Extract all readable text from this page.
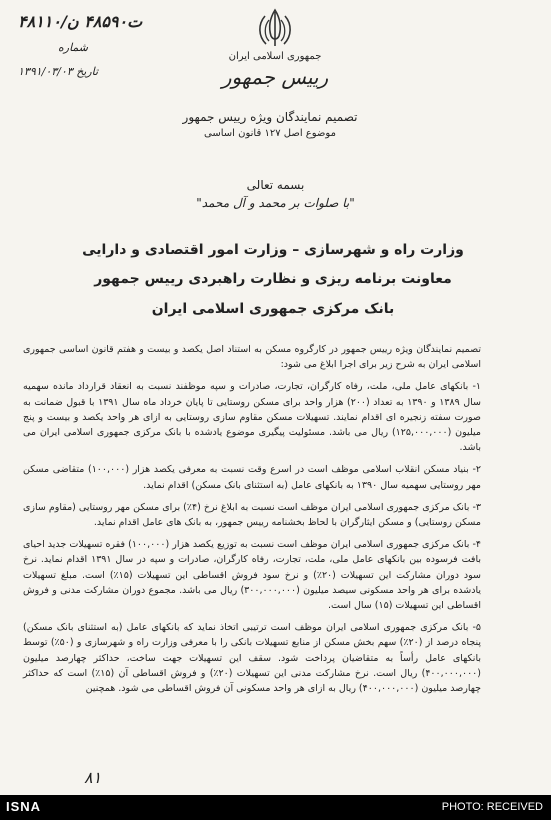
۴۸۱۱۰/ت۴۸۵۹۰ ن
شماره
۱۳۹۱/۰۳/۰۳ تاریخ
جمهوری اسلامی ایران
رییس جمهور
تصمیم نمایندگان ویژه رییس جمهور
موضوع اصل ۱۲۷ قانون اساسی
بسمه تعالی
"با صلوات بر محمد و آل محمد"
وزارت راه و شهرسازی – وزارت امور اقتصادی و دارایی
معاونت برنامه ریزی و نظارت راهبردی رییس جمهور
بانک مرکزی جمهوری اسلامی ایران

تصمیم نمایندگان ویژه رییس جمهور در کارگروه مسکن به استناد اصل یکصد و بیست و هفتم قانون اساسی جمهوری اسلامی ایران به شرح زیر برای اجرا ابلاغ می شود:

۱- بانکهای عامل ملی، ملت، رفاه کارگران، تجارت، صادرات و سپه موظفند نسبت به انعقاد قرارداد مانده سهمیه سال ۱۳۸۹ و ۱۳۹۰ به تعداد (۲۰۰) هزار واحد برای مسکن روستایی تا پایان خرداد ماه سال ۱۳۹۱ با قبول ضمانت به صورت سفته زنجیره ای اقدام نمایند. تسهیلات مسکن مقاوم سازی روستایی به ازای هر واحد یکصد و بیست و پنج میلیون (۱۲۵,۰۰۰,۰۰۰) ریال می باشد. مسئولیت پیگیری موضوع یادشده با بانک مرکزی جمهوری اسلامی ایران می باشد.

۲- بنیاد مسکن انقلاب اسلامی موظف است در اسرع وقت نسبت به معرفی یکصد هزار (۱۰۰,۰۰۰) متقاضی مسکن مهر روستایی سهمیه سال ۱۳۹۰ به بانکهای عامل (به استثنای بانک مسکن) اقدام نماید.

۳- بانک مرکزی جمهوری اسلامی ایران موظف است نسبت به ابلاغ نرخ (۴٪) برای مسکن مهر روستایی (مقاوم سازی مسکن روستایی) و مسکن ایثارگران با لحاظ بخشنامه رییس جمهور، به بانک های عامل اقدام نماید.

۴- بانک مرکزی جمهوری اسلامی ایران موظف است نسبت به توزیع یکصد هزار (۱۰۰,۰۰۰) فقره تسهیلات جدید احیای بافت فرسوده بین بانکهای عامل ملی، ملت، تجارت، رفاه کارگران، صادرات و سپه در سال ۱۳۹۱ اقدام نماید. نرخ سود دوران مشارکت این تسهیلات (۲۰٪) و نرخ سود فروش اقساطی این تسهیلات (۱۵٪) است. مبلغ تسهیلات یادشده برای هر واحد مسکونی سیصد میلیون (۳۰۰,۰۰۰,۰۰۰) ریال می باشد. مجموع دوران مشارکت مدنی و فروش اقساطی این تسهیلات (۱۵) سال است.

۵- بانک مرکزی جمهوری اسلامی ایران موظف است ترتیبی اتخاذ نماید که بانکهای عامل (به استثنای بانک مسکن) پنجاه درصد از (۲۰٪) سهم بخش مسکن از منابع تسهیلات بانکی را با معرفی وزارت راه و شهرسازی و (۵۰٪) توسط بانکهای عامل رأساً به متقاضیان پرداخت شود. سقف این تسهیلات جهت ساخت، حداکثر چهارصد میلیون (۴۰۰,۰۰۰,۰۰۰) ریال است. نرخ مشارکت مدنی این تسهیلات (۲۰٪) و فروش اقساطی آن (۱۵٪) است که حداکثر چهارصد میلیون (۴۰۰,۰۰۰,۰۰۰) ریال به ازای هر واحد مسکونی آن فروش اقساطی می شود. همچنین

۸۱
ISNA	PHOTO: RECEIVED
